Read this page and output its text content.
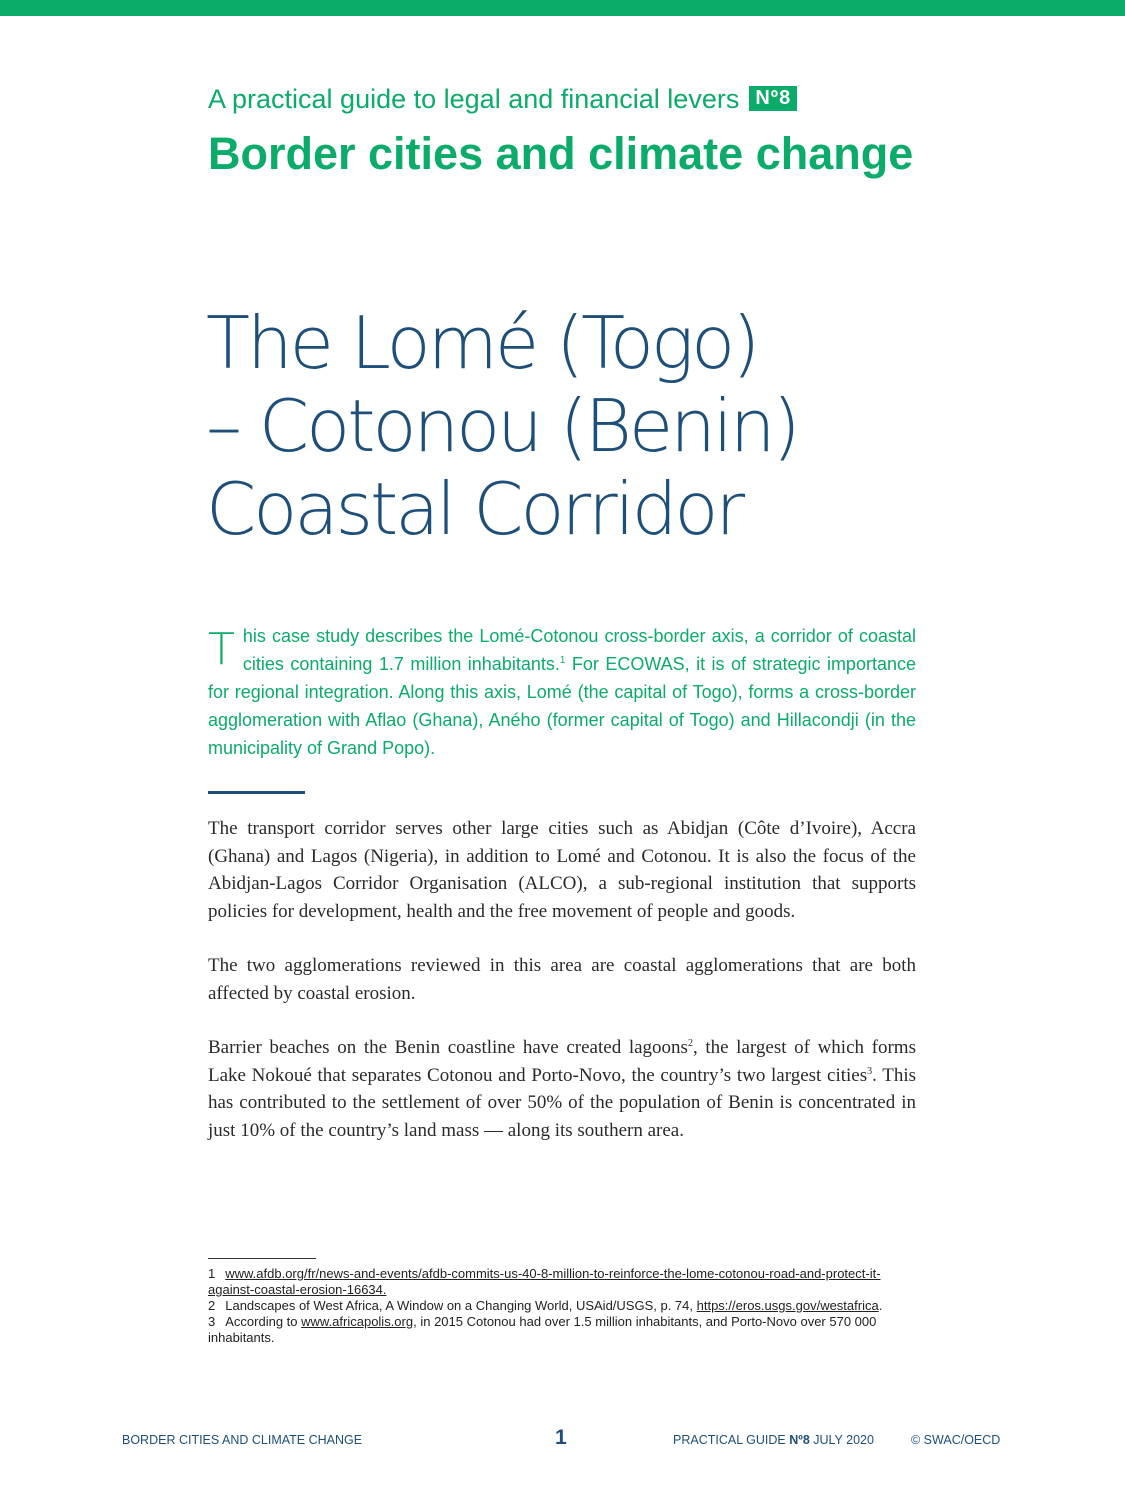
A practical guide to legal and financial levers Nº8
Border cities and climate change
The Lomé (Togo)
– Cotonou (Benin)
Coastal Corridor
This case study describes the Lomé-Cotonou cross-border axis, a corridor of coastal cities containing 1.7 million inhabitants.$^1$ For ECOWAS, it is of strategic importance for regional integration. Along this axis, Lomé (the capital of Togo), forms a cross-border agglomeration with Aflao (Ghana), Aného (former capital of Togo) and Hillacondji (in the municipality of Grand Popo).

The transport corridor serves other large cities such as Abidjan (Côte d’Ivoire), Accra (Ghana) and Lagos (Nigeria), in addition to Lomé and Cotonou. It is also the focus of the Abidjan-Lagos Corridor Organisation (ALCO), a sub-regional institution that supports policies for development, health and the free movement of people and goods.

The two agglomerations reviewed in this area are coastal agglomerations that are both affected by coastal erosion.

Barrier beaches on the Benin coastline have created lagoons$^2$, the largest of which forms Lake Nokoué that separates Cotonou and Porto-Novo, the country’s two largest cities$^3$. This has contributed to the settlement of over 50% of the population of Benin is concentrated in just 10% of the country’s land mass — along its southern area.

1 www.afdb.org/fr/news-and-events/afdb-commits-us-40-8-million-to-reinforce-the-lome-cotonou-road-and-protect-it-against-coastal-erosion-16634.
2 Landscapes of West Africa, A Window on a Changing World, USAid/USGS, p. 74, https://eros.usgs.gov/westafrica.
3 According to www.africapolis.org, in 2015 Cotonou had over 1.5 million inhabitants, and Porto-Novo over 570 000 inhabitants.
BORDER CITIES AND CLIMATE CHANGE	1	PRACTICAL GUIDE Nº8 JULY 2020	© SWAC/OECD
